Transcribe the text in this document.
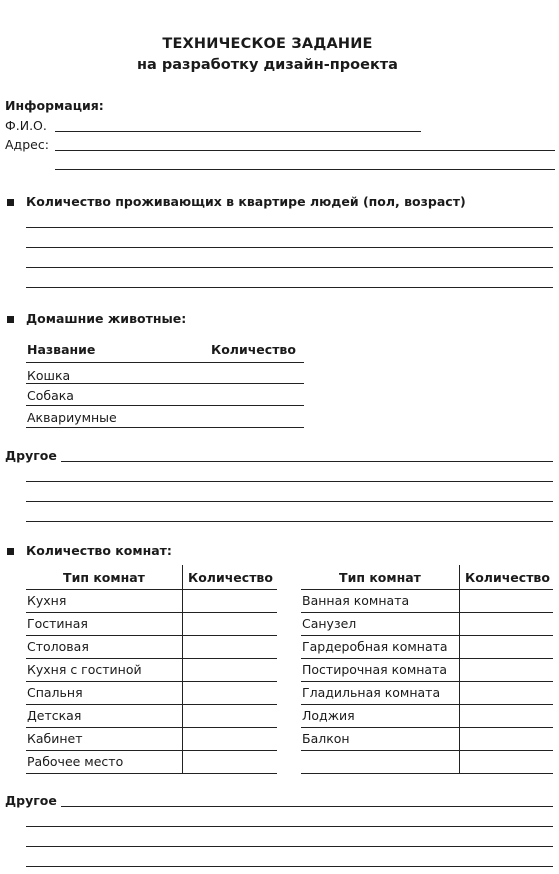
ТЕХНИЧЕСКОЕ ЗАДАНИЕ
на разработку дизайн-проекта
Информация:
Ф.И.О.
Адрес:
Количество проживающих в квартире людей (пол, возраст)
Домашние животные:
Название	Количество
Кошка
Собака
Аквариумные
Другое
Количество комнат:
Тип комнат	Количество
Кухня
Гостиная
Столовая
Кухня с гостиной
Спальня
Детская
Кабинет
Рабочее место
Тип комнат	Количество
Ванная комната
Санузел
Гардеробная комната
Постирочная комната
Гладильная комната
Лоджия
Балкон
Другое
